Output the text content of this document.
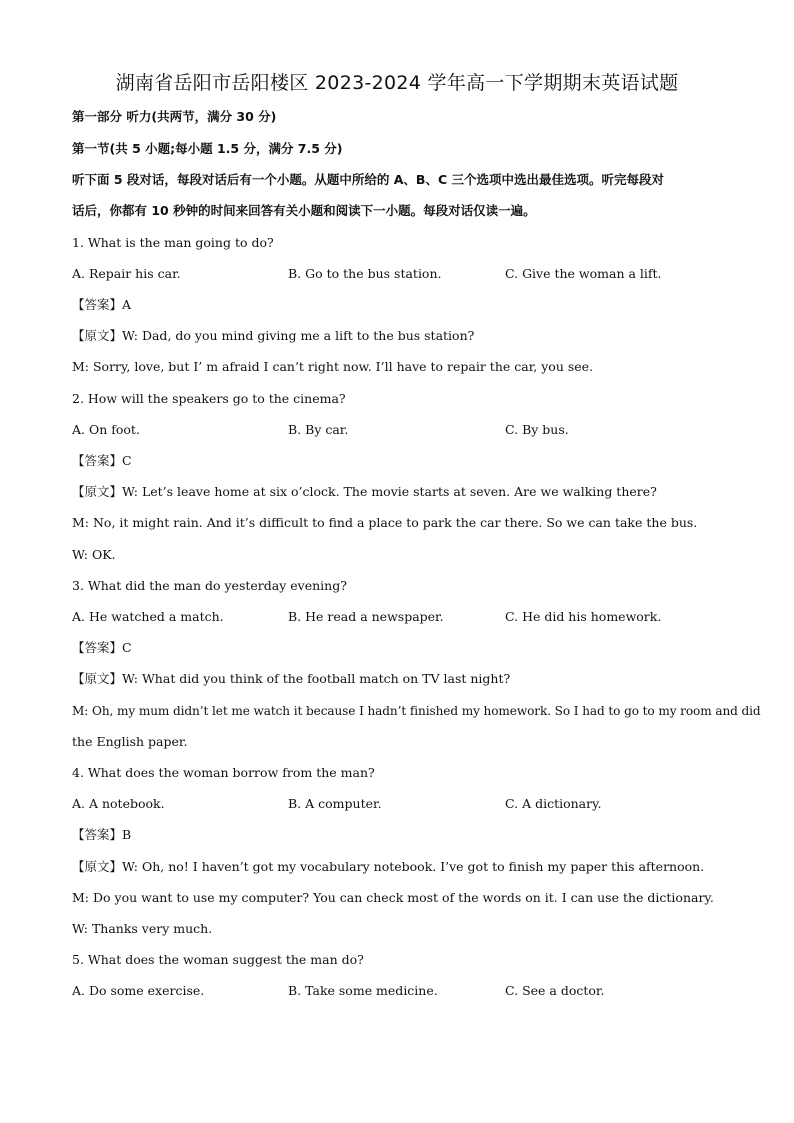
湖南省岳阳市岳阳楼区 2023-2024 学年高一下学期期末英语试题
第一部分 听力(共两节，满分 30 分)
第一节(共 5 小题;每小题 1.5 分，满分 7.5 分)
听下面 5 段对话，每段对话后有一个小题。从题中所给的 A、B、C 三个选项中选出最佳选项。听完每段对
话后，你都有 10 秒钟的时间来回答有关小题和阅读下一小题。每段对话仅读一遍。
1. What is the man going to do?
A. Repair his car.	B. Go to the bus station.	C. Give the woman a lift.
【答案】A
【原文】W: Dad, do you mind giving me a lift to the bus station?
M: Sorry, love, but I’ m afraid I can’t right now. I’ll have to repair the car, you see.
2. How will the speakers go to the cinema?
A. On foot.	B. By car.	C. By bus.
【答案】C
【原文】W: Let’s leave home at six o’clock. The movie starts at seven. Are we walking there?
M: No, it might rain. And it’s difficult to find a place to park the car there. So we can take the bus.
W: OK.
3. What did the man do yesterday evening?
A. He watched a match.	B. He read a newspaper.	C. He did his homework.
【答案】C
【原文】W: What did you think of the football match on TV last night?
M: Oh, my mum didn’t let me watch it because I hadn’t finished my homework. So I had to go to my room and did
the English paper.
4. What does the woman borrow from the man?
A. A notebook.	B. A computer.	C. A dictionary.
【答案】B
【原文】W: Oh, no! I haven’t got my vocabulary notebook. I’ve got to finish my paper this afternoon.
M: Do you want to use my computer? You can check most of the words on it. I can use the dictionary.
W: Thanks very much.
5. What does the woman suggest the man do?
A. Do some exercise.	B. Take some medicine.	C. See a doctor.
